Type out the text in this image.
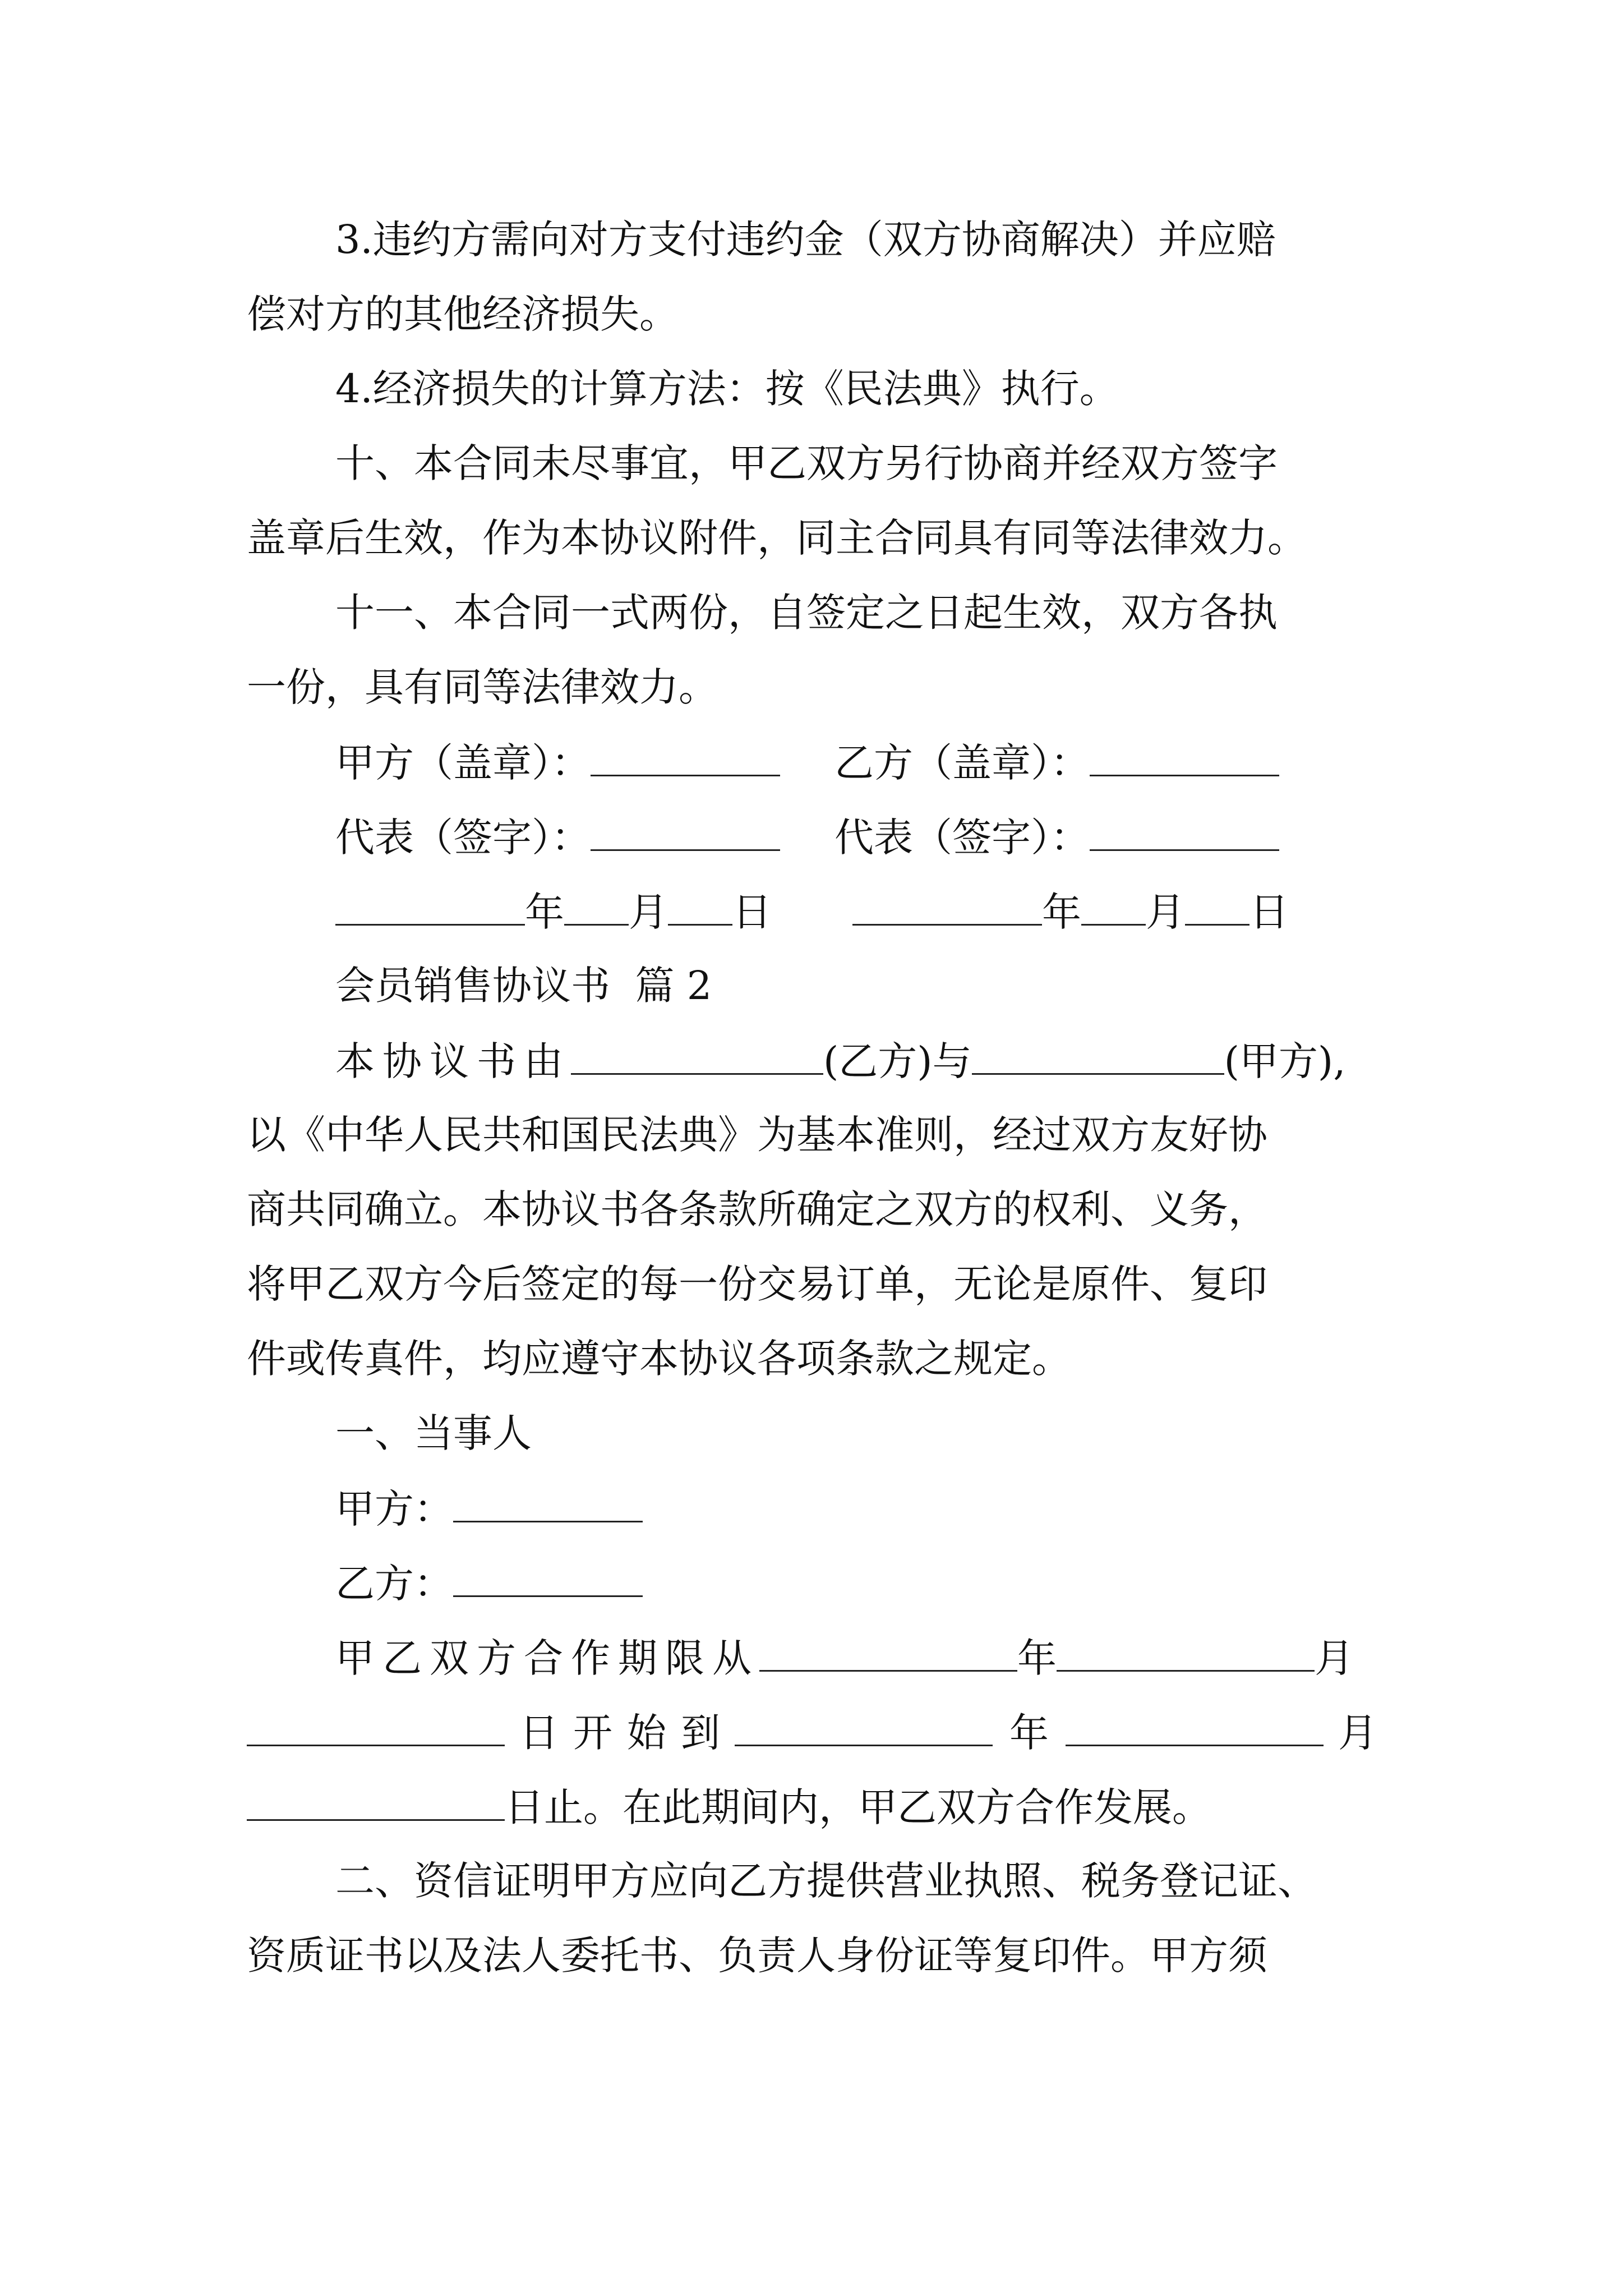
3.违约方需向对方支付违约金（双方协商解决）并应赔
偿对方的其他经济损失。
4.经济损失的计算方法：按《民法典》执行。
十、本合同未尽事宜，甲乙双方另行协商并经双方签字
盖章后生效，作为本协议附件，同主合同具有同等法律效力。
十一、本合同一式两份，自签定之日起生效，双方各执
一份，具有同等法律效力。
甲方（盖章）：	乙方（盖章）：
代表（签字）：	代表（签字）：
年 月 日	年 月 日
会员销售协议书  篇 2
本协议书由	(乙方)与	(甲方),
以《中华人民共和国民法典》为基本准则，经过双方友好协
商共同确立。本协议书各条款所确定之双方的权利、义务，
将甲乙双方今后签定的每一份交易订单，无论是原件、复印
件或传真件，均应遵守本协议各项条款之规定。
一、当事人
甲方：
乙方：
甲乙双方合作期限从	年	月
日开始到	年	月
日止。在此期间内，甲乙双方合作发展。
二、资信证明甲方应向乙方提供营业执照、税务登记证、
资质证书以及法人委托书、负责人身份证等复印件。甲方须
